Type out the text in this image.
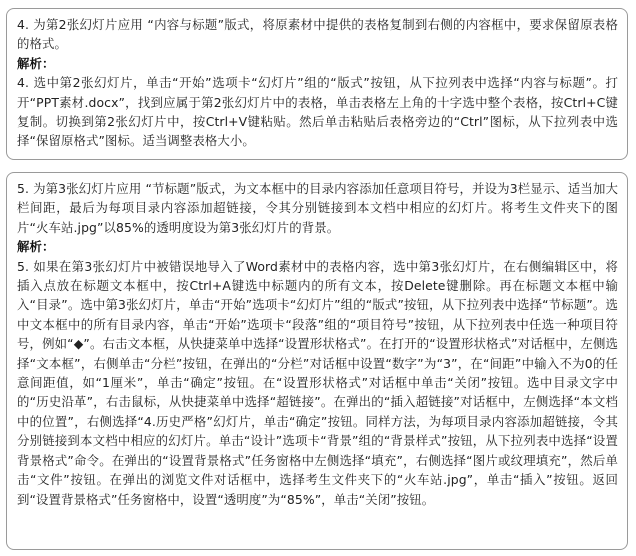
4. 为第2张幻灯片应用 “内容与标题”版式，将原素材中提供的表格复制到右侧的内容框中，要求保留原表格的格式。

解析：

4. 选中第2张幻灯片，单击“开始”选项卡“幻灯片”组的“版式”按钮，从下拉列表中选择“内容与标题”。打开“PPT素材.docx”，找到应属于第2张幻灯片中的表格，单击表格左上角的十字选中整个表格，按Ctrl+C键复制。切换到第2张幻灯片中，按Ctrl+V键粘贴。然后单击粘贴后表格旁边的“Ctrl”图标，从下拉列表中选择“保留原格式”图标。适当调整表格大小。

5. 为第3张幻灯片应用 “节标题”版式，为文本框中的目录内容添加任意项目符号，并设为3栏显示、适当加大栏间距，最后为每项目录内容添加超链接，令其分别链接到本文档中相应的幻灯片。将考生文件夹下的图片“火车站.jpg”以85%的透明度设为第3张幻灯片的背景。

解析：

5. 如果在第3张幻灯片中被错误地导入了Word素材中的表格内容，选中第3张幻灯片，在右侧编辑区中，将插入点放在标题文本框中，按Ctrl+A键选中标题内的所有文本，按Delete键删除。再在标题文本框中输入“目录”。选中第3张幻灯片，单击“开始”选项卡“幻灯片”组的“版式”按钮，从下拉列表中选择“节标题”。选中文本框中的所有目录内容，单击“开始”选项卡“段落”组的“项目符号”按钮，从下拉列表中任选一种项目符号，例如“◆”。右击文本框，从快捷菜单中选择“设置形状格式”。在打开的“设置形状格式”对话框中，左侧选择“文本框”，右侧单击“分栏”按钮，在弹出的“分栏”对话框中设置“数字”为“3”，在“间距”中输入不为0的任意间距值，如“1厘米”，单击“确定”按钮。在“设置形状格式”对话框中单击“关闭”按钮。选中目录文字中的“历史沿革”，右击鼠标，从快捷菜单中选择“超链接”。在弹出的“插入超链接”对话框中，左侧选择“本文档中的位置”，右侧选择“4.历史严格”幻灯片，单击“确定”按钮。同样方法，为每项目录内容添加超链接，令其分别链接到本文档中相应的幻灯片。单击“设计”选项卡“背景”组的“背景样式”按钮，从下拉列表中选择“设置背景格式”命令。在弹出的“设置背景格式”任务窗格中左侧选择“填充”，右侧选择“图片或纹理填充”，然后单击“文件”按钮。在弹出的浏览文件对话框中，选择考生文件夹下的“火车站.jpg”，单击“插入”按钮。返回到“设置背景格式”任务窗格中，设置“透明度”为“85%”，单击“关闭”按钮。
